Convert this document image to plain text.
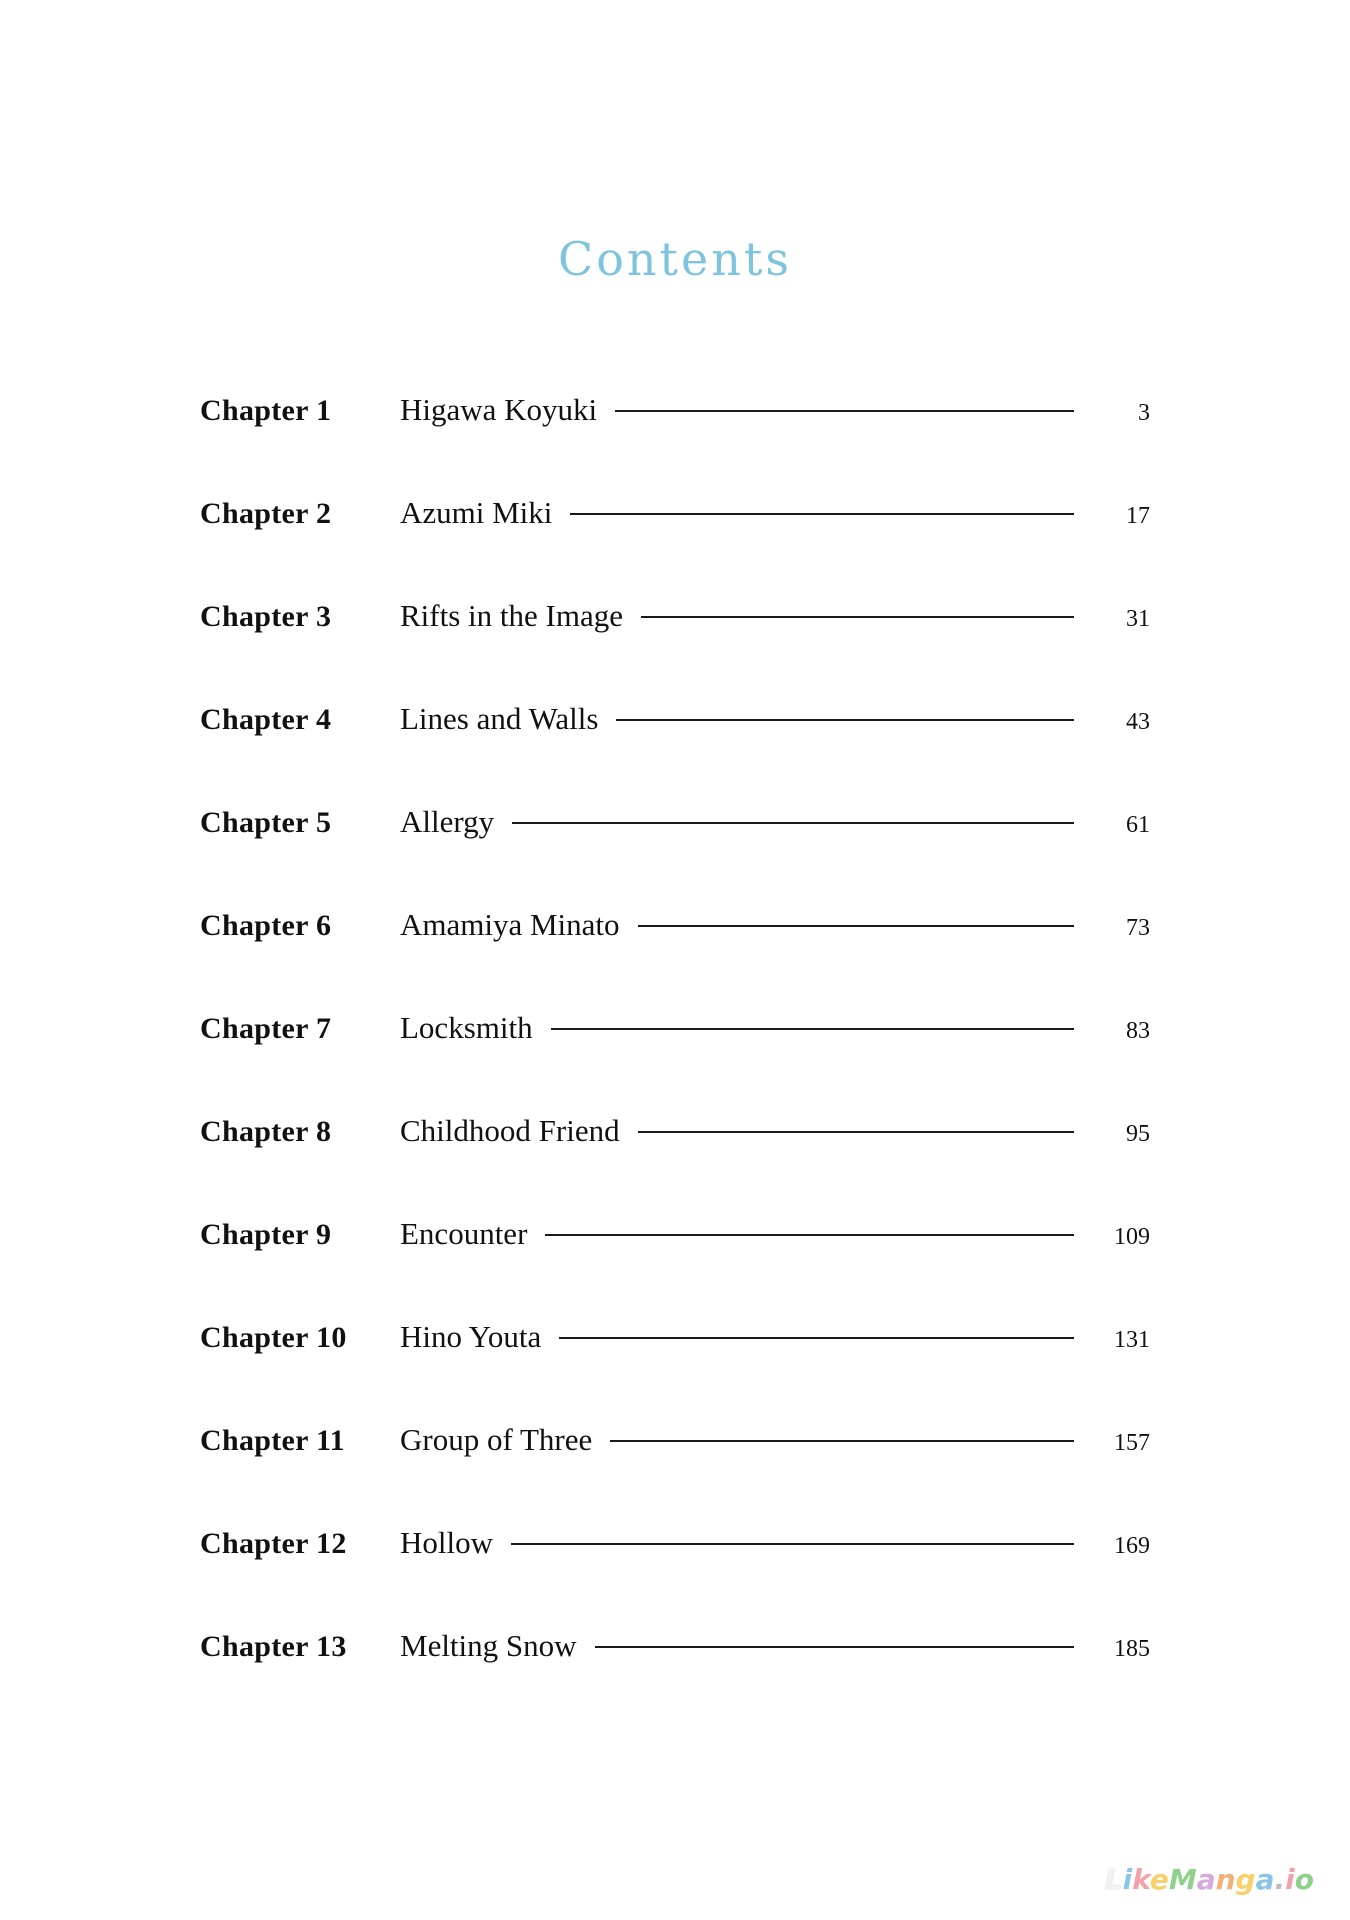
Contents
Chapter 1	Higawa Koyuki	3
Chapter 2	Azumi Miki	17
Chapter 3	Rifts in the Image	31
Chapter 4	Lines and Walls	43
Chapter 5	Allergy	61
Chapter 6	Amamiya Minato	73
Chapter 7	Locksmith	83
Chapter 8	Childhood Friend	95
Chapter 9	Encounter	109
Chapter 10	Hino Youta	131
Chapter 11	Group of Three	157
Chapter 12	Hollow	169
Chapter 13	Melting Snow	185
LikeManga.io
